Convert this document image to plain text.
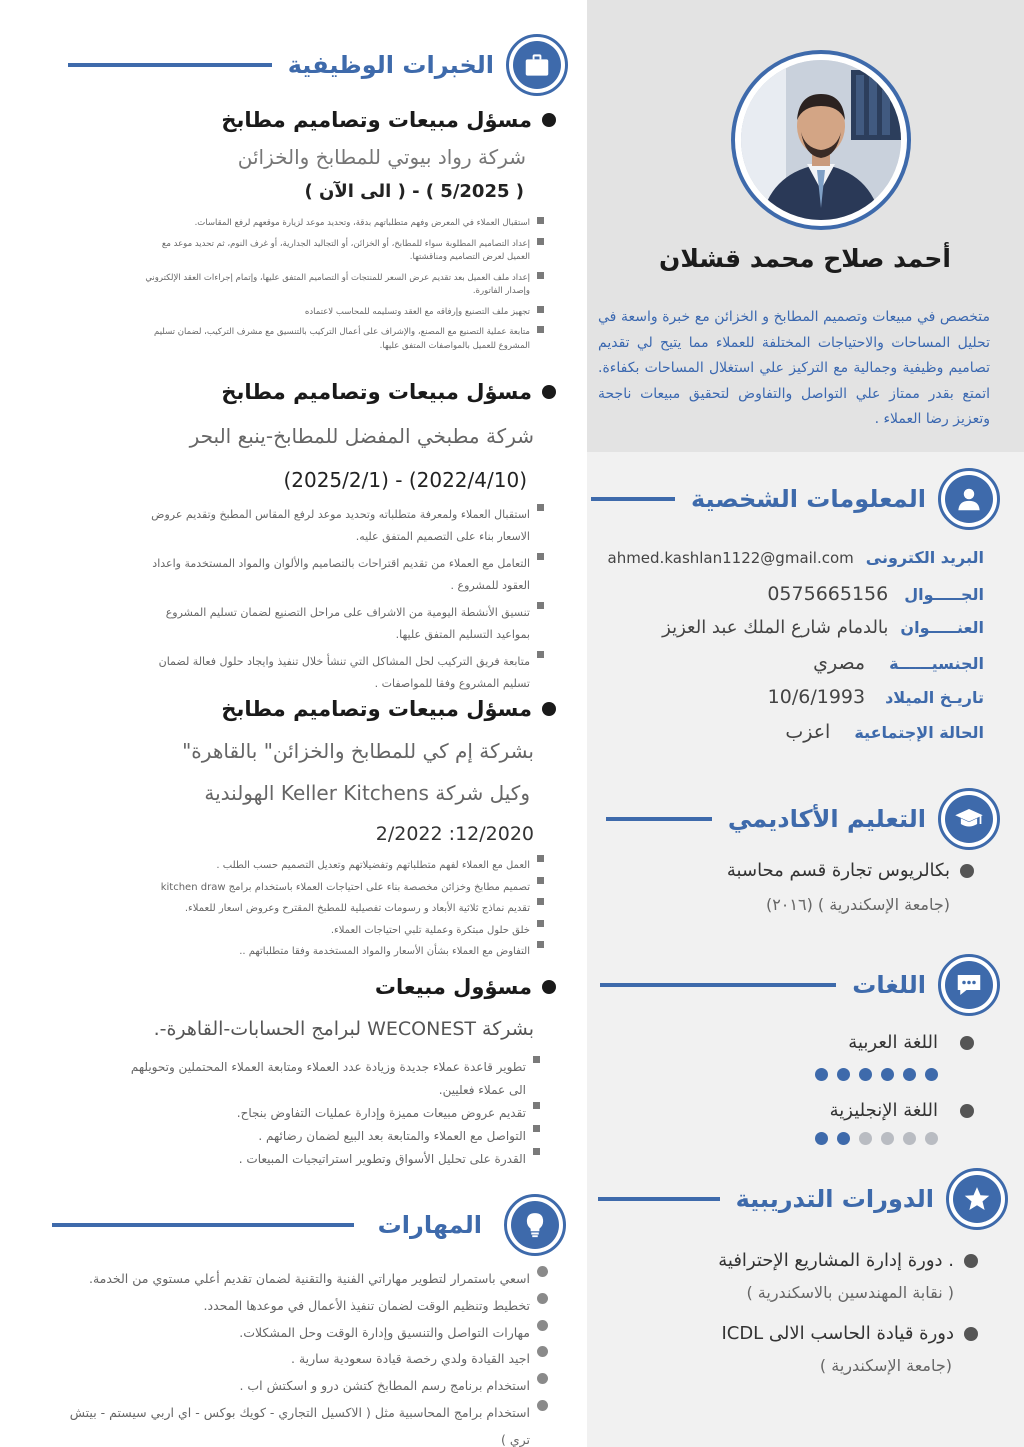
أحمد صلاح محمد قشلان

متخصص في مبيعات وتصميم المطابخ و الخزائن مع خبرة واسعة في تحليل المساحات والاحتياجات المختلفة للعملاء مما يتيح لي تقديم تصاميم وظيفية وجمالية مع التركيز علي استغلال المساحات بكفاءة. اتمتع بقدر ممتاز علي التواصل والتفاوض لتحقيق مبيعات ناجحة وتعزيز رضا العملاء .

المعلومات الشخصية
البريد الكترونى
ahmed.kashlan1122@gmail.com
الجـــــوال
0575665156
العنـــــوان
بالدمام شارع الملك عبد العزيز
الجنسيــــــة
مصري
تاريـخ الميلاد
10/6/1993
الحالة الإجتماعية
اعزب
التعليم الأكاديمي
بكالريوس تجارة قسم محاسبة
(جامعة الإسكندرية ) (٢٠١٦)
اللغات
اللغة العربية
اللغة الإنجليزية
الدورات التدريبية
. دورة إدارة المشاريع الإحترافية
( نقابة المهندسين بالاسكندرية )
دورة قيادة الحاسب الالى ICDL
(جامعة الإسكندرية )
الخبرات الوظيفية
مسؤل مبيعات وتصاميم مطابخ
شركة رواد بيوتي للمطابخ والخزائن
( 5/2025 ) - ( الى الآن )
استقبال العملاء في المعرض وفهم متطلباتهم بدقة، وتحديد موعد لزيارة موقعهم لرفع المقاسات.
إعداد التصاميم المطلوبة سواء للمطابخ، أو الخزائن، أو التجاليد الجدارية، أو غرف النوم، ثم تحديد موعد مع العميل لعرض التصاميم ومناقشتها.
إعداد ملف العميل بعد تقديم عرض السعر للمنتجات أو التصاميم المتفق عليها، وإتمام إجراءات العقد الإلكتروني وإصدار الفاتورة.
تجهيز ملف التصنيع وإرفاقه مع العقد وتسليمه للمحاسب لاعتماده
متابعة عملية التصنيع مع المصنع، والإشراف على أعمال التركيب بالتنسيق مع مشرف التركيب، لضمان تسليم المشروع للعميل بالمواصفات المتفق عليها.
مسؤل مبيعات وتصاميم مطابخ
شركة مطبخي المفضل للمطابخ-ينبع البحر
(2022/4/10) - (2025/2/1)
استقبال العملاء ولمعرفة متطلباته وتحديد موعد لرفع المقاس المطبخ وتقديم عروض الاسعار بناء على التصميم المتفق عليه.
التعامل مع العملاء من تقديم اقتراحات بالتصاميم والألوان والمواد المستخدمة واعداد العقود للمشروع .
تنسيق الأنشطة اليومية من الاشراف على مراحل التصنيع لضمان تسليم المشروع بمواعيد التسليم المتفق عليها.
متابعة فريق التركيب لحل المشاكل التي تنشأ خلال تنفيذ وايجاد حلول فعالة لضمان تسليم المشروع وفقا للمواصفات .
مسؤل مبيعات وتصاميم مطابخ
بشركة إم كي للمطابخ والخزائن" بالقاهرة"
وكيل شركة Keller Kitchens الهولندية
12/2020: 2/2022
العمل مع العملاء لفهم متطلباتهم وتفضيلاتهم وتعديل التصميم حسب الطلب .
تصميم مطابخ وخزائن مخصصة بناء على احتياجات العملاء باستخدام برامج kitchen draw
تقديم نماذج ثلاثية الأبعاد و رسومات تفصيلية للمطبخ المقترح وعروض اسعار للعملاء.
خلق حلول مبتكرة وعملية تلبي احتياجات العملاء.
التفاوض مع العملاء بشأن الأسعار والمواد المستخدمة وفقا متطلباتهم ..
مسؤول مبيعات
بشركة WECONEST لبرامج الحسابات-القاهرة-.
تطوير قاعدة عملاء جديدة وزيادة عدد العملاء ومتابعة العملاء المحتملين وتحويلهم الى عملاء فعليين.
تقديم عروض مبيعات مميزة وإدارة عمليات التفاوض بنجاح.
التواصل مع العملاء والمتابعة بعد البيع لضمان رضائهم .
القدرة على تحليل الأسواق وتطوير استراتيجيات المبيعات .
المهارات
اسعي باستمرار لتطوير مهاراتي الفنية والتقنية لضمان تقديم أعلي مستوي من الخدمة.
تخطيط وتنظيم الوقت لضمان تنفيذ الأعمال في موعدها المحدد.
مهارات التواصل والتنسيق وإدارة الوقت وحل المشكلات.
اجيد القيادة ولدي رخصة قيادة سعودية سارية .
استخدام برنامج رسم المطابخ كتشن درو و اسكتش اب .
استخدام برامج المحاسبية مثل ( الاكسيل التجاري - كويك بوكس - اي اربي سيستم - بيتش تري )
